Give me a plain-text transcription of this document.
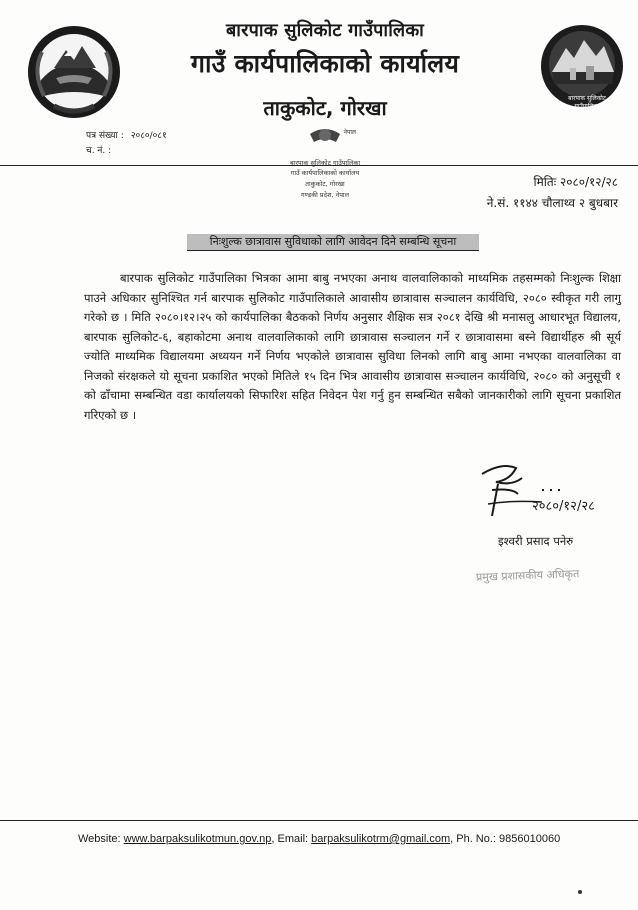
बारपाक सुलिकोट गाउँपालिका
गाउँ कार्यपालिकाको कार्यालय
ताकुकोट, गोरखा	बारपाक सुलिकोट गाउँपालिका
पत्र संख्या : २०८०/०८१
च. नं. :
नेपाल
बारपाक सुलिकोट गाउँपालिका
गाउँ कार्यपालिकाको कार्यालय
ताकुकोट, गोरखा
गण्डकी प्रदेश, नेपाल
मितिः २०८०/१२/२८
ने.सं. ११४४ चौलाथ्व २ बुधबार
निःशुल्क छात्रावास सुविधाको लागि आवेदन दिने सम्बन्धि सूचना
बारपाक सुलिकोट गाउँपालिका भित्रका आमा बाबु नभएका अनाथ वालवालिकाको माध्यमिक तहसम्मको निःशुल्क शिक्षा पाउने अधिकार सुनिश्चित गर्न बारपाक सुलिकोट गाउँपालिकाले आवासीय छात्रावास सञ्चालन कार्यविधि, २०८० स्वीकृत गरी लागु गरेको छ । मिति २०८०।१२।२५ को कार्यपालिका बैठकको निर्णय अनुसार शैक्षिक सत्र २०८१ देखि श्री मनासलु आधारभूत विद्यालय, बारपाक सुलिकोट-६, बहाकोटमा अनाथ वालवालिकाको लागि छात्रावास सञ्चालन गर्ने र छात्रावासमा बस्ने विद्यार्थीहरु श्री सूर्य ज्योति माध्यमिक विद्यालयमा अध्ययन गर्ने निर्णय भएकोले छात्रावास सुविधा लिनको लागि बाबु आमा नभएका वालवालिका वा निजको संरक्षकले यो सूचना प्रकाशित भएको मितिले १५ दिन भित्र आवासीय छात्रावास सञ्चालन कार्यविधि, २०८० को अनुसूची १ को ढाँचामा सम्बन्धित वडा कार्यालयको सिफारिश सहित निवेदन पेश गर्नु हुन सम्बन्धित सबैको जानकारीको लागि सूचना प्रकाशित गरिएको छ ।
२०८०/१२/२८
इश्वरी प्रसाद पनेरु
प्रमुख प्रशासकीय अधिकृत
Website: www.barpaksulikotmun.gov.np, Email: barpaksulikotrm@gmail.com, Ph. No.: 9856010060
